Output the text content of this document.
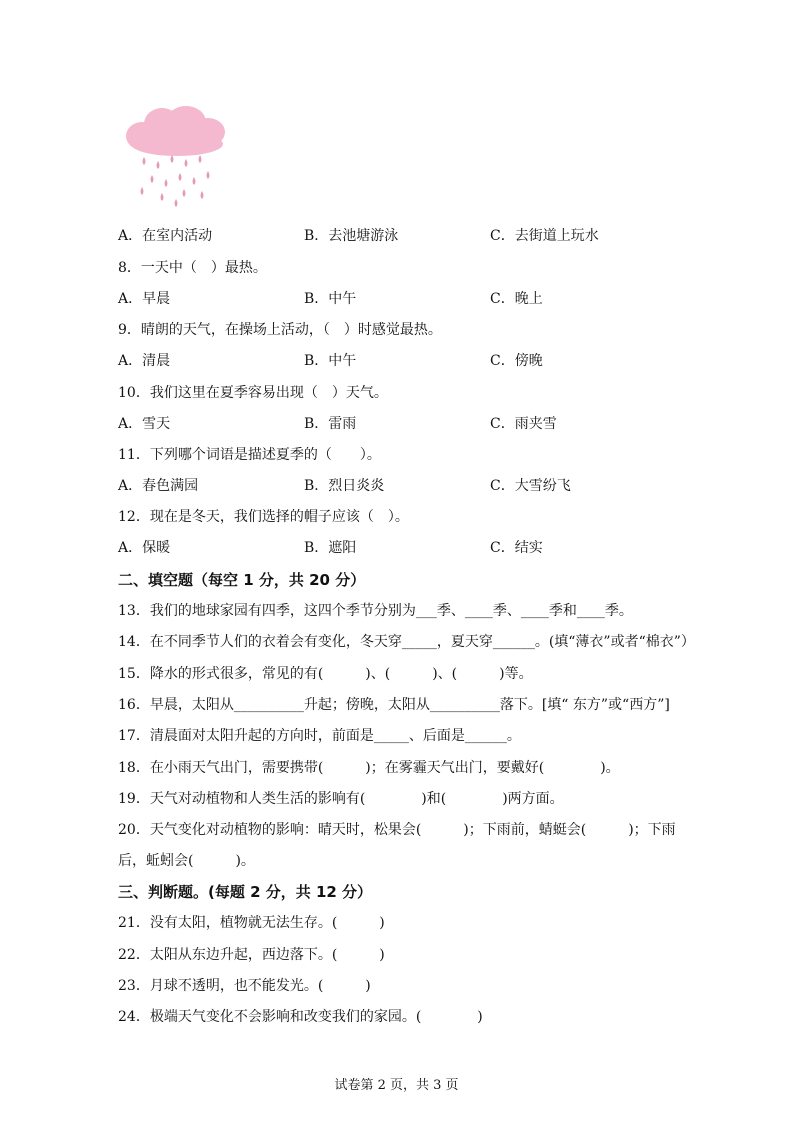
A．在室内活动	B．去池塘游泳	C．去街道上玩水
8．一天中（　）最热。
A．早晨	B．中午	C．晚上
9．晴朗的天气，在操场上活动，（　）时感觉最热。
A．清晨	B．中午	C．傍晚
10．我们这里在夏季容易出现（　）天气。
A．雪天	B．雷雨	C．雨夹雪
11．下列哪个词语是描述夏季的（　　）。
A．春色满园	B．烈日炎炎	C．大雪纷飞
12．现在是冬天，我们选择的帽子应该（　）。
A．保暖	B．遮阳	C．结实
二、填空题（每空 1 分，共 20 分）
13．我们的地球家园有四季，这四个季节分别为___季、____季、____季和____季。
14．在不同季节人们的衣着会有变化，冬天穿_____，夏天穿______。(填“薄衣”或者“棉衣”）
15．降水的形式很多，常见的有(　　　)、(　　　)、(　　　)等。
16．早晨，太阳从__________升起；傍晚，太阳从__________落下。[填“ 东方”或“西方”]
17．清晨面对太阳升起的方向时，前面是_____、后面是______。
18．在小雨天气出门，需要携带(　　　)；在雾霾天气出门，要戴好(　　　　)。
19．天气对动植物和人类生活的影响有(　　　　)和(　　　　)两方面。
20．天气变化对动植物的影响：晴天时，松果会(　　　)；下雨前，蜻蜓会(　　　)；下雨
后，蚯蚓会(　　　)。
三、判断题。(每题 2 分，共 12 分）
21．没有太阳，植物就无法生存。(　　　)
22．太阳从东边升起，西边落下。(　　　)
23．月球不透明，也不能发光。(　　　)
24．极端天气变化不会影响和改变我们的家园。(　　　　)
试卷第 2 页，共 3 页
